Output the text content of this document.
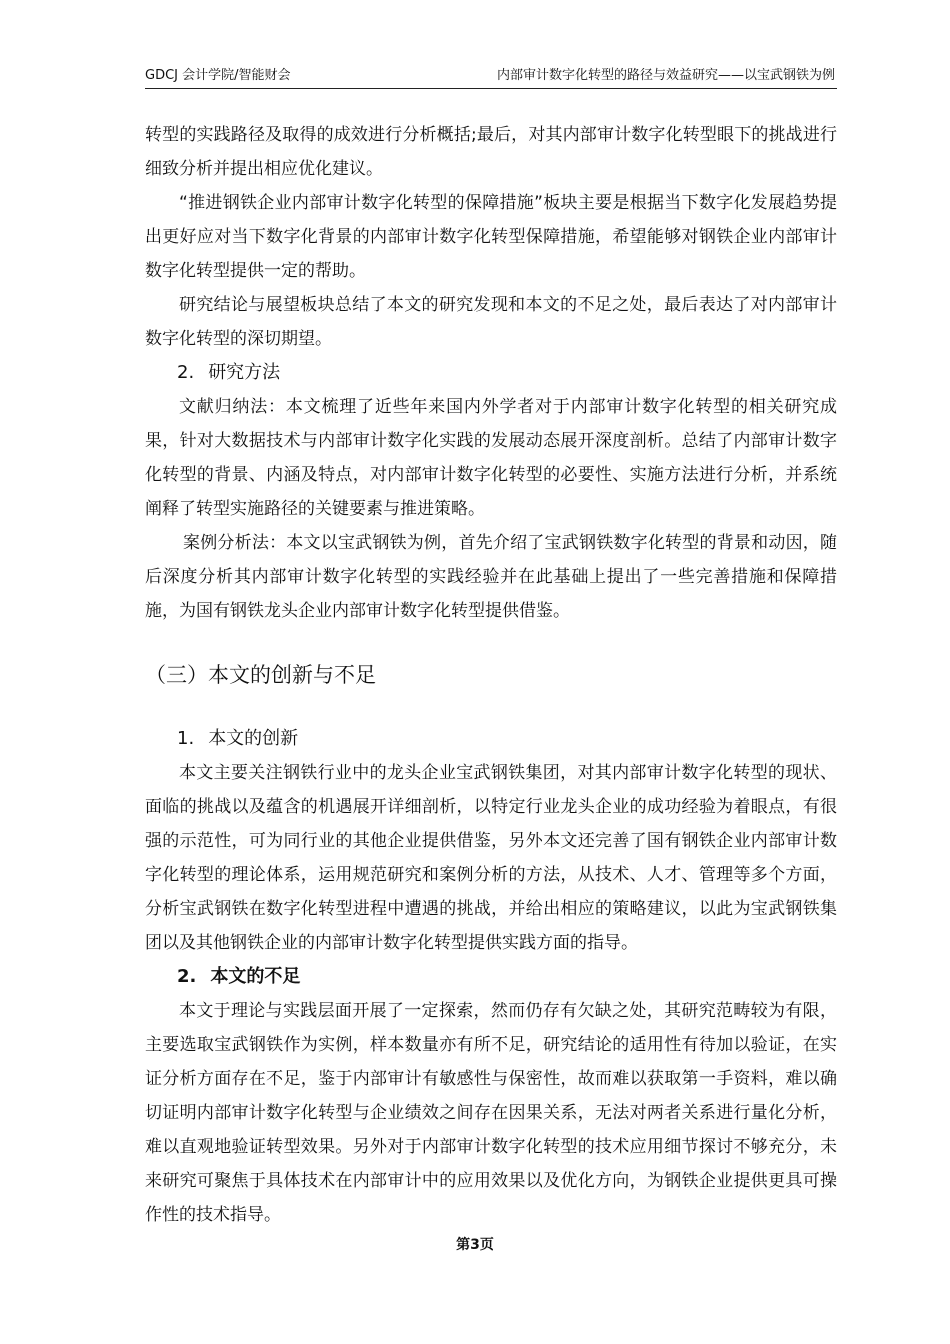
GDCJ 会计学院/智能财会	内部审计数字化转型的路径与效益研究——以宝武钢铁为例

转型的实践路径及取得的成效进行分析概括;最后，对其内部审计数字化转型眼下的挑战进行细致分析并提出相应优化建议。

“推进钢铁企业内部审计数字化转型的保障措施”板块主要是根据当下数字化发展趋势提出更好应对当下数字化背景的内部审计数字化转型保障措施，希望能够对钢铁企业内部审计数字化转型提供一定的帮助。

研究结论与展望板块总结了本文的研究发现和本文的不足之处，最后表达了对内部审计数字化转型的深切期望。

2. 研究方法

文献归纳法：本文梳理了近些年来国内外学者对于内部审计数字化转型的相关研究成果，针对大数据技术与内部审计数字化实践的发展动态展开深度剖析。总结了内部审计数字化转型的背景、内涵及特点，对内部审计数字化转型的必要性、实施方法进行分析，并系统阐释了转型实施路径的关键要素与推进策略。

案例分析法：本文以宝武钢铁为例，首先介绍了宝武钢铁数字化转型的背景和动因，随后深度分析其内部审计数字化转型的实践经验并在此基础上提出了一些完善措施和保障措施，为国有钢铁龙头企业内部审计数字化转型提供借鉴。

（三）本文的创新与不足
1. 本文的创新

本文主要关注钢铁行业中的龙头企业宝武钢铁集团，对其内部审计数字化转型的现状、面临的挑战以及蕴含的机遇展开详细剖析，以特定行业龙头企业的成功经验为着眼点，有很强的示范性，可为同行业的其他企业提供借鉴，另外本文还完善了国有钢铁企业内部审计数字化转型的理论体系，运用规范研究和案例分析的方法，从技术、人才、管理等多个方面，分析宝武钢铁在数字化转型进程中遭遇的挑战，并给出相应的策略建议，以此为宝武钢铁集团以及其他钢铁企业的内部审计数字化转型提供实践方面的指导。

2. 本文的不足

本文于理论与实践层面开展了一定探索，然而仍存有欠缺之处，其研究范畴较为有限，主要选取宝武钢铁作为实例，样本数量亦有所不足，研究结论的适用性有待加以验证，在实证分析方面存在不足，鉴于内部审计有敏感性与保密性，故而难以获取第一手资料，难以确切证明内部审计数字化转型与企业绩效之间存在因果关系，无法对两者关系进行量化分析，难以直观地验证转型效果。另外对于内部审计数字化转型的技术应用细节探讨不够充分，未来研究可聚焦于具体技术在内部审计中的应用效果以及优化方向，为钢铁企业提供更具可操作性的技术指导。

第3页
